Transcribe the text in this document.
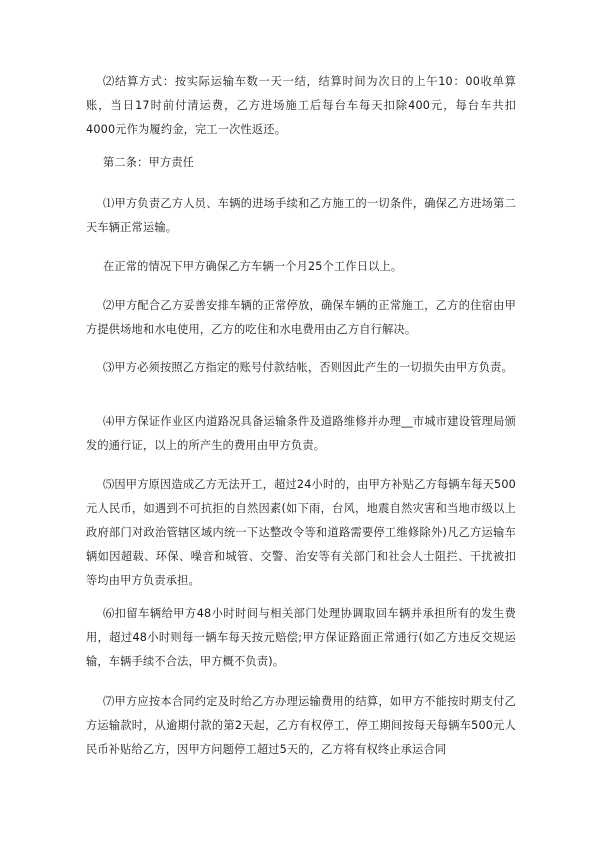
⑵结算方式：按实际运输车数一天一结，结算时间为次日的上午10：00收单算账，当日17时前付清运费，乙方进场施工后每台车每天扣除400元，每台车共扣4000元作为履约金，完工一次性返还。
第二条：甲方责任
⑴甲方负责乙方人员、车辆的进场手续和乙方施工的一切条件，确保乙方进场第二天车辆正常运输。
在正常的情况下甲方确保乙方车辆一个月25个工作日以上。
⑵甲方配合乙方妥善安排车辆的正常停放，确保车辆的正常施工，乙方的住宿由甲方提供场地和水电使用，乙方的吃住和水电费用由乙方自行解决。
⑶甲方必须按照乙方指定的账号付款结帐，否则因此产生的一切损失由甲方负责。
⑷甲方保证作业区内道路况具备运输条件及道路维修并办理__市城市建设管理局颁发的通行证，以上的所产生的费用由甲方负责。
⑸因甲方原因造成乙方无法开工，超过24小时的，由甲方补贴乙方每辆车每天500元人民币，如遇到不可抗拒的自然因素(如下雨，台风，地震自然灾害和当地市级以上政府部门对政治管辖区域内统一下达整改令等和道路需要停工维修除外)凡乙方运输车辆如因超载、环保、噪音和城管、交警、治安等有关部门和社会人士阻拦、干扰被扣等均由甲方负责承担。
⑹扣留车辆给甲方48小时时间与相关部门处理协调取回车辆并承担所有的发生费用，超过48小时则每一辆车每天按元赔偿;甲方保证路面正常通行(如乙方违反交规运输，车辆手续不合法，甲方概不负责)。
⑺甲方应按本合同约定及时给乙方办理运输费用的结算，如甲方不能按时期支付乙方运输款时，从逾期付款的第2天起，乙方有权停工，停工期间按每天每辆车500元人民币补贴给乙方，因甲方问题停工超过5天的，乙方将有权终止承运合同
